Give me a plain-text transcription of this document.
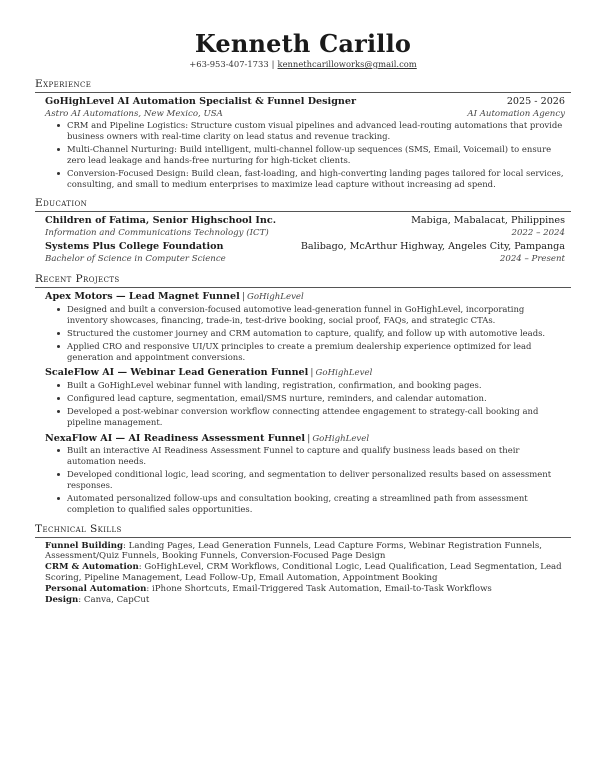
Kenneth Carillo
+63-953-407-1733 | kennethcarilloworks@gmail.com
Experience
GoHighLevel AI Automation Specialist & Funnel Designer	2025 - 2026
Astro AI Automations, New Mexico, USA	AI Automation Agency
CRM and Pipeline Logistics: Structure custom visual pipelines and advanced lead-routing automations that provide business owners with real-time clarity on lead status and revenue tracking.
Multi-Channel Nurturing: Build intelligent, multi-channel follow-up sequences (SMS, Email, Voicemail) to ensure zero lead leakage and hands-free nurturing for high-ticket clients.
Conversion-Focused Design: Build clean, fast-loading, and high-converting landing pages tailored for local services, consulting, and small to medium enterprises to maximize lead capture without increasing ad spend.
Education
Children of Fatima, Senior Highschool Inc.	Mabiga, Mabalacat, Philippines
Information and Communications Technology (ICT)	2022 – 2024
Systems Plus College Foundation	Balibago, McArthur Highway, Angeles City, Pampanga
Bachelor of Science in Computer Science	2024 – Present
Recent Projects
Apex Motors — Lead Magnet Funnel | GoHighLevel
Designed and built a conversion-focused automotive lead-generation funnel in GoHighLevel, incorporating inventory showcases, financing, trade-in, test-drive booking, social proof, FAQs, and strategic CTAs.
Structured the customer journey and CRM automation to capture, qualify, and follow up with automotive leads.
Applied CRO and responsive UI/UX principles to create a premium dealership experience optimized for lead generation and appointment conversions.
ScaleFlow AI — Webinar Lead Generation Funnel | GoHighLevel
Built a GoHighLevel webinar funnel with landing, registration, confirmation, and booking pages.
Configured lead capture, segmentation, email/SMS nurture, reminders, and calendar automation.
Developed a post-webinar conversion workflow connecting attendee engagement to strategy-call booking and pipeline management.
NexaFlow AI — AI Readiness Assessment Funnel | GoHighLevel
Built an interactive AI Readiness Assessment Funnel to capture and qualify business leads based on their automation needs.
Developed conditional logic, lead scoring, and segmentation to deliver personalized results based on assessment responses.
Automated personalized follow-ups and consultation booking, creating a streamlined path from assessment completion to qualified sales opportunities.
Technical Skills
Funnel Building: Landing Pages, Lead Generation Funnels, Lead Capture Forms, Webinar Registration Funnels, Assessment/Quiz Funnels, Booking Funnels, Conversion-Focused Page Design
CRM & Automation: GoHighLevel, CRM Workflows, Conditional Logic, Lead Qualification, Lead Segmentation, Lead Scoring, Pipeline Management, Lead Follow-Up, Email Automation, Appointment Booking
Personal Automation: iPhone Shortcuts, Email-Triggered Task Automation, Email-to-Task Workflows
Design: Canva, CapCut
